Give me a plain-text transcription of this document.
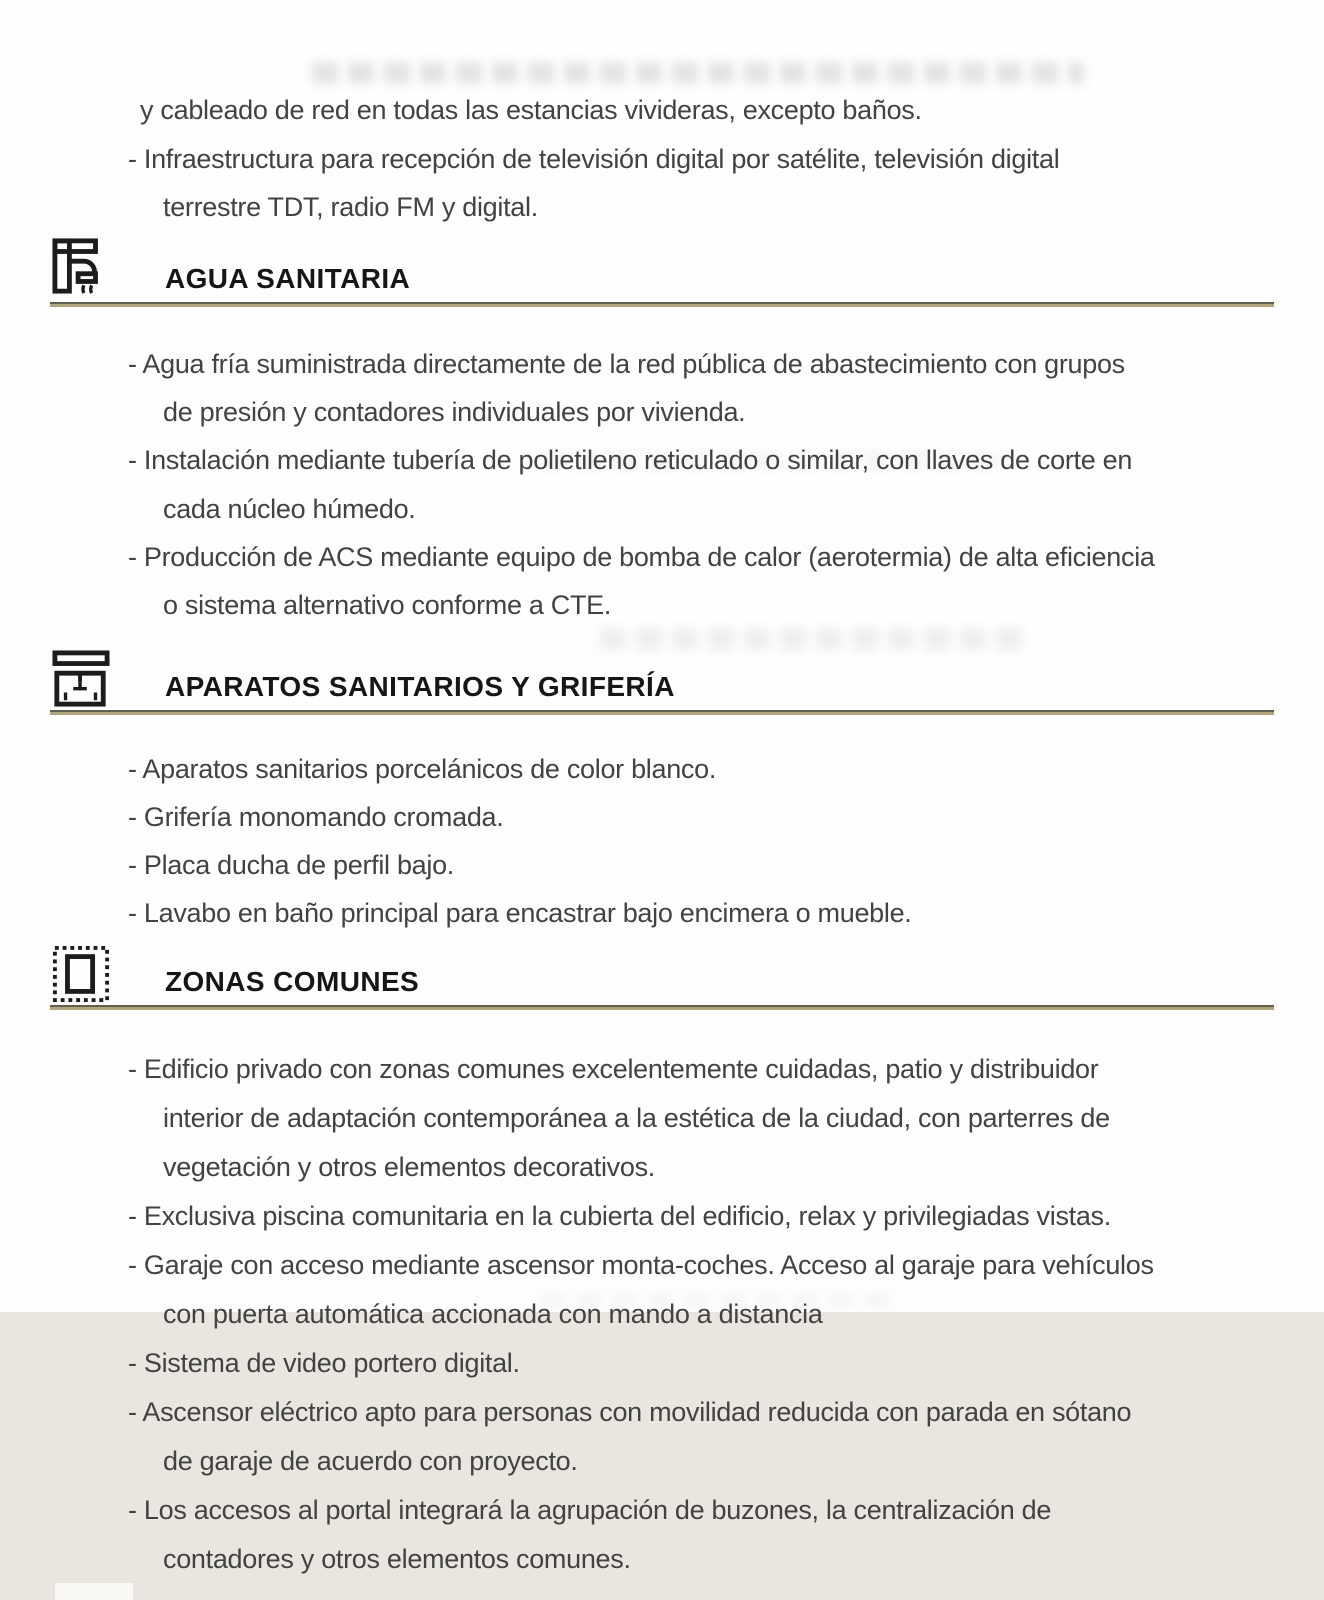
y cableado de red en todas las estancias vivideras, excepto baños.
- Infraestructura para recepción de televisión digital por satélite, televisión digital
terrestre TDT, radio FM y digital.
AGUA SANITARIA
- Agua fría suministrada directamente de la red pública de abastecimiento con grupos
de presión y contadores individuales por vivienda.
- Instalación mediante tubería de polietileno reticulado o similar, con llaves de corte en
cada núcleo húmedo.
- Producción de ACS mediante equipo de bomba de calor (aerotermia) de alta eficiencia
o sistema alternativo conforme a CTE.
APARATOS SANITARIOS Y GRIFERÍA
- Aparatos sanitarios porcelánicos de color blanco.
- Grifería monomando cromada.
- Placa ducha de perfil bajo.
- Lavabo en baño principal para encastrar bajo encimera o mueble.
ZONAS COMUNES
- Edificio privado con zonas comunes excelentemente cuidadas, patio y distribuidor
interior de adaptación contemporánea a la estética de la ciudad, con parterres de
vegetación y otros elementos decorativos.
- Exclusiva piscina comunitaria en la cubierta del edificio, relax y privilegiadas vistas.
- Garaje con acceso mediante ascensor monta-coches. Acceso al garaje para vehículos
con puerta automática accionada con mando a distancia
- Sistema de video portero digital.
- Ascensor eléctrico apto para personas con movilidad reducida con parada en sótano
de garaje de acuerdo con proyecto.
- Los accesos al portal integrará la agrupación de buzones, la centralización de
contadores y otros elementos comunes.
